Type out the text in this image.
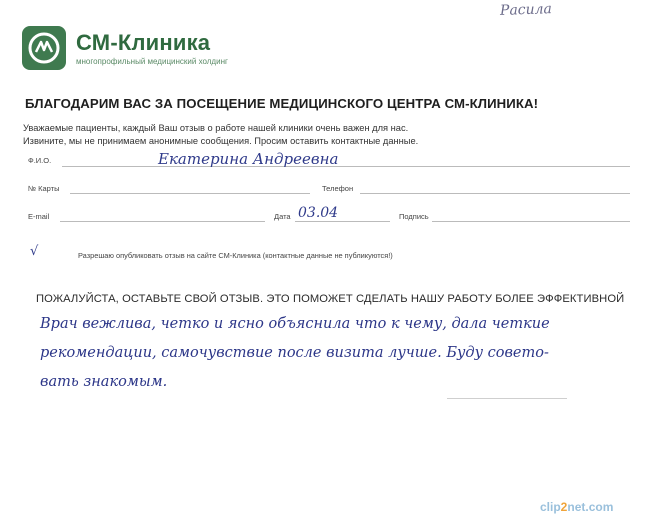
Расила
СМ-Клиника
многопрофильный медицинский холдинг
БЛАГОДАРИМ ВАС ЗА ПОСЕЩЕНИЕ МЕДИЦИНСКОГО ЦЕНТРА СМ-КЛИНИКА!
Уважаемые пациенты, каждый Ваш отзыв о работе нашей клиники очень важен для нас.
Извините, мы не принимаем анонимные сообщения. Просим оставить контактные данные.
Ф.И.О.	Екатерина Андреевна
№ Карты	Телефон
E-mail	Дата 03.04	Подпись
√	Разрешаю опубликовать отзыв на сайте СМ-Клиника (контактные данные не публикуются!)
ПОЖАЛУЙСТА, ОСТАВЬТЕ СВОЙ ОТЗЫВ. ЭТО ПОМОЖЕТ СДЕЛАТЬ НАШУ РАБОТУ БОЛЕЕ ЭФФЕКТИВНОЙ
Врач вежлива, четко и ясно объяснила что к чему, дала четкие
рекомендации, самочувствие после визита лучше. Буду совето-
вать знакомым.
clip2net.com
